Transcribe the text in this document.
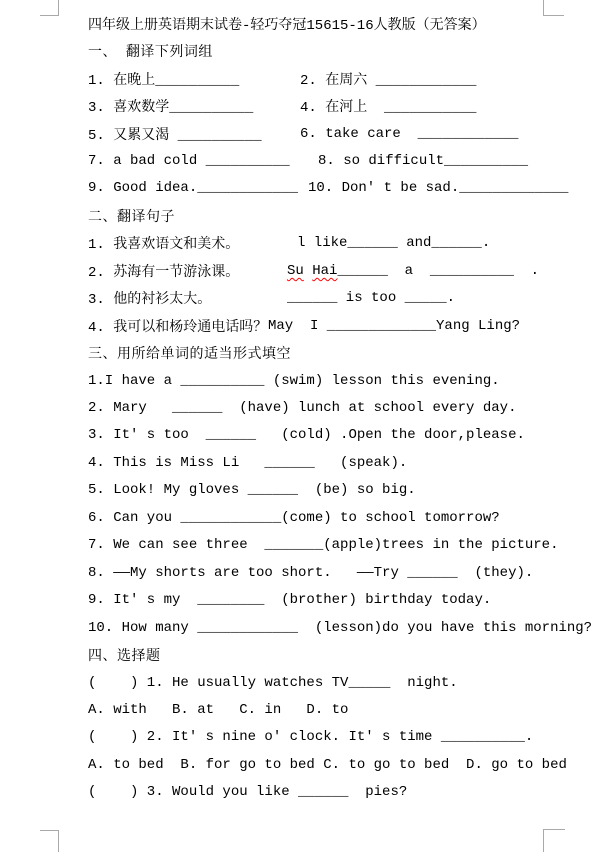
四年级上册英语期末试卷-轻巧夺冠15615-16人教版（无答案）
一、 翻译下列词组
1. 在晚上__________	2. 在周六 ____________
3. 喜欢数学__________	4. 在河上  ___________
5. 又累又渴 __________	6. take care  ____________
7. a bad cold __________ 8. so difficult__________
9. Good idea.____________ 10. Don' t be sad._____________
二、翻译句子
1. 我喜欢语文和美术。	l like______ and______.
2. 苏海有一节游泳课。	Su Hai______  a  __________  .
3. 他的衬衫太大。	______ is too _____.
4. 我可以和杨玲通电话吗？ May  I _____________Yang Ling?
三、用所给单词的适当形式填空
1.I have a __________ (swim) lesson this evening.
2. Mary   ______  (have) lunch at school every day.
3. It' s too  ______   (cold) .Open the door,please.
4. This is Miss Li   ______   (speak).
5. Look! My gloves ______  (be) so big.
6. Can you ____________(come) to school tomorrow?
7. We can see three  _______(apple)trees in the picture.
8. ——My shorts are too short.   ——Try ______  (they).
9. It' s my  ________  (brother) birthday today.
10. How many ____________  (lesson)do you have this morning?
四、选择题
(    ) 1. He usually watches TV_____  night.
A. with   B. at   C. in   D. to
(    ) 2. It' s nine o' clock. It' s time __________.
A. to bed  B. for go to bed C. to go to bed  D. go to bed
(    ) 3. Would you like ______  pies?
